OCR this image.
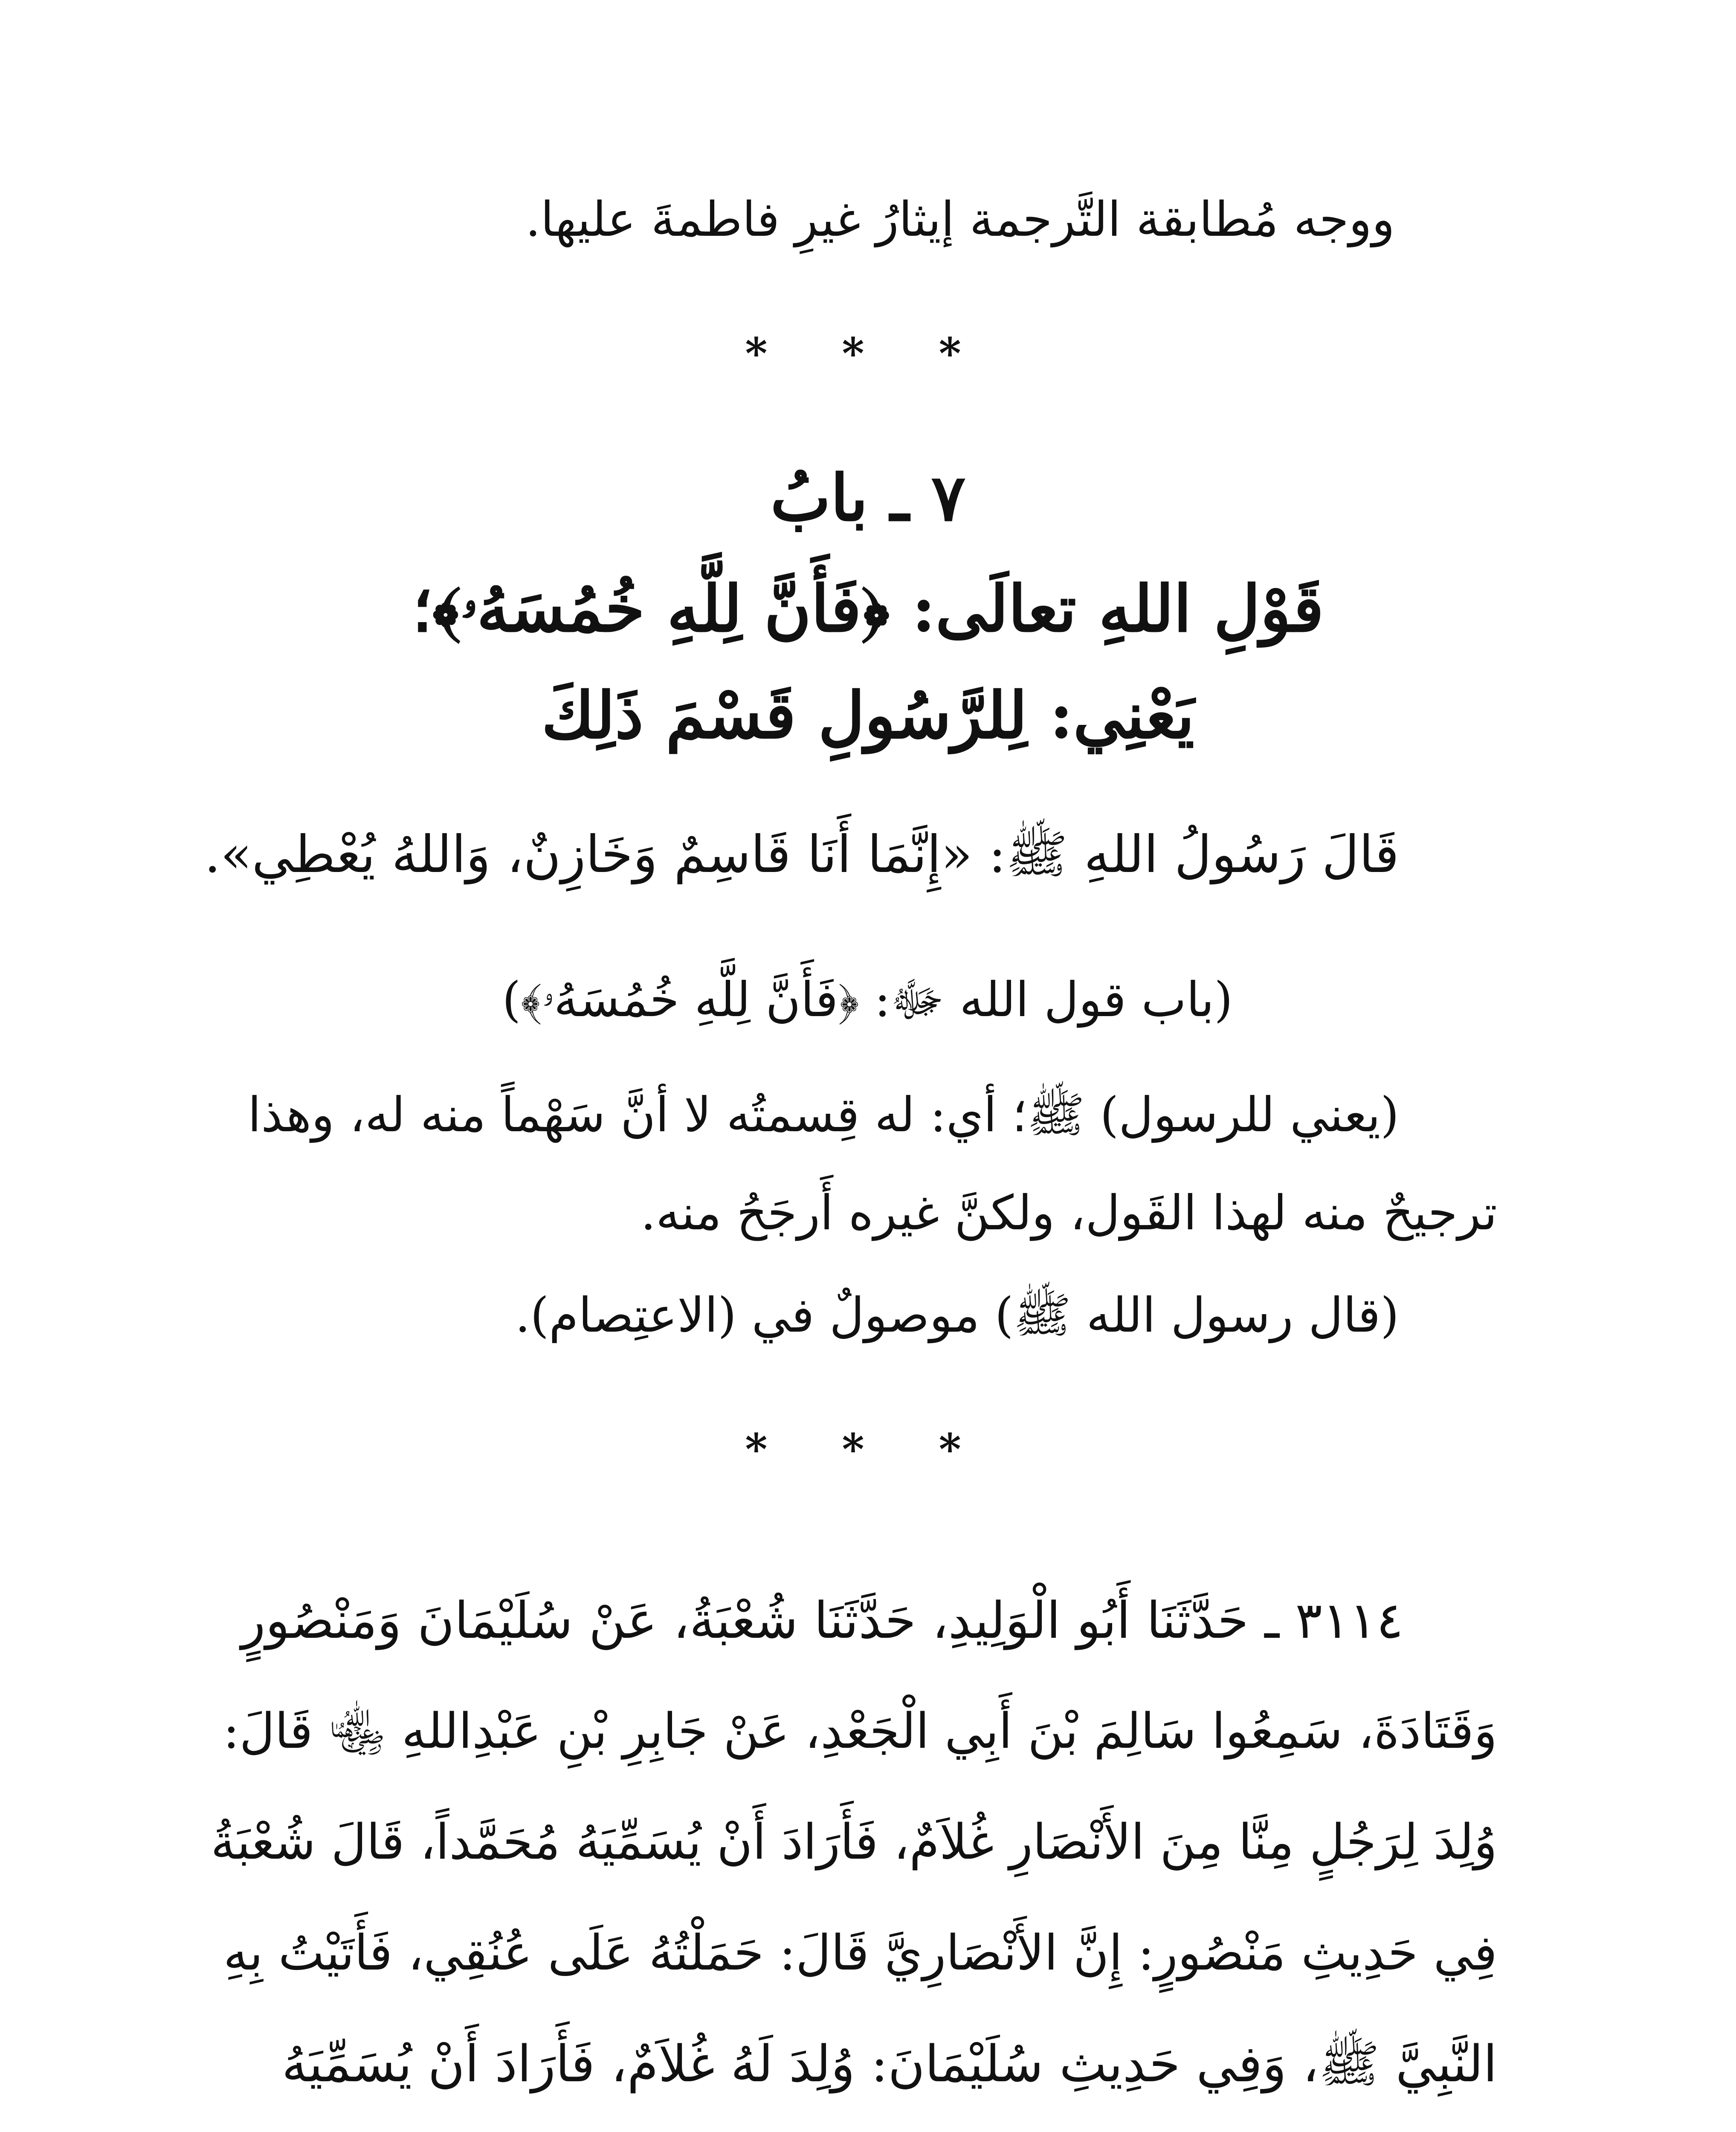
ووجه مُطابقة التَّرجمة إيثارُ غيرِ فاطمةَ عليها.
* * *
٧ ـ بابُ
قَوْلِ اللهِ تعالَى: ﴿فَأَنَّ لِلَّهِ خُمُسَهُۥ﴾؛
يَعْنِي: لِلرَّسُولِ قَسْمَ ذَلِكَ
قَالَ رَسُولُ اللهِ ﷺ: «إِنَّمَا أَنَا قَاسِمٌ وَخَازِنٌ، وَاللهُ يُعْطِي».
(باب قول الله ﷻ: ﴿فَأَنَّ لِلَّهِ خُمُسَهُۥ﴾)
(يعني للرسول) ﷺ؛ أي: له قِسمتُه لا أنَّ سَهْماً منه له، وهذا
ترجيحٌ منه لهذا القَول، ولكنَّ غيره أَرجَحُ منه.
(قال رسول الله ﷺ) موصولٌ في (الاعتِصام).
* * *
٣١١٤ ـ حَدَّثَنَا أَبُو الْوَلِيدِ، حَدَّثَنَا شُعْبَةُ، عَنْ سُلَيْمَانَ وَمَنْصُورٍ
وَقَتَادَةَ، سَمِعُوا سَالِمَ بْنَ أَبِي الْجَعْدِ، عَنْ جَابِرِ بْنِ عَبْدِاللهِ ﵄ قَالَ:
وُلِدَ لِرَجُلٍ مِنَّا مِنَ الأَنْصَارِ غُلاَمٌ، فَأَرَادَ أَنْ يُسَمِّيَهُ مُحَمَّداً، قَالَ شُعْبَةُ
فِي حَدِيثِ مَنْصُورٍ: إِنَّ الأَنْصَارِيَّ قَالَ: حَمَلْتُهُ عَلَى عُنُقِي، فَأَتَيْتُ بِهِ
النَّبِيَّ ﷺ، وَفِي حَدِيثِ سُلَيْمَانَ: وُلِدَ لَهُ غُلاَمٌ، فَأَرَادَ أَنْ يُسَمِّيَهُ
